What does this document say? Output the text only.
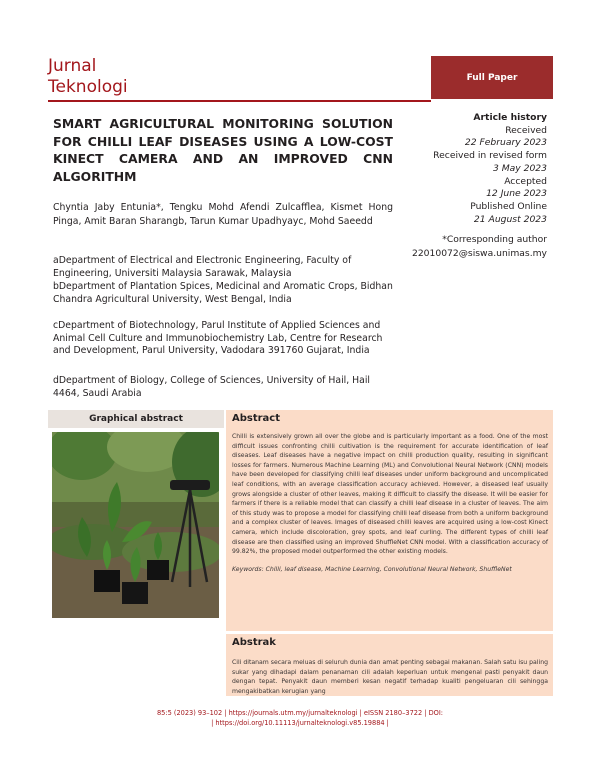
Jurnal
Teknologi	Full Paper
SMART AGRICULTURAL MONITORING SOLUTION FOR CHILLI LEAF DISEASES USING A LOW-COST KINECT CAMERA AND AN IMPROVED CNN ALGORITHM
Chyntia Jaby Entunia*, Tengku Mohd Afendi Zulcafflea, Kismet Hong Pinga, Amit Baran Sharangb, Tarun Kumar Upadhyayc, Mohd Saeedd
aDepartment of Electrical and Electronic Engineering, Faculty of Engineering, Universiti Malaysia Sarawak, Malaysia
bDepartment of Plantation Spices, Medicinal and Aromatic Crops, Bidhan Chandra Agricultural University, West Bengal, India
cDepartment of Biotechnology, Parul Institute of Applied Sciences and Animal Cell Culture and Immunobiochemistry Lab, Centre for Research and Development, Parul University, Vadodara 391760 Gujarat, India
dDepartment of Biology, College of Sciences, University of Hail, Hail 4464, Saudi Arabia
Article history
Received
22 February 2023
Received in revised form
3 May 2023
Accepted
12 June 2023
Published Online
21 August 2023
*Corresponding author
22010072@siswa.unimas.my
Graphical abstract	Abstract
Chilli is extensively grown all over the globe and is particularly important as a food. One of the most difficult issues confronting chilli cultivation is the requirement for accurate identification of leaf diseases. Leaf diseases have a negative impact on chilli production quality, resulting in significant losses for farmers. Numerous Machine Learning (ML) and Convolutional Neural Network (CNN) models have been developed for classifying chilli leaf diseases under uniform background and uncomplicated leaf conditions, with an average classification accuracy achieved. However, a diseased leaf usually grows alongside a cluster of other leaves, making it difficult to classify the disease. It will be easier for farmers if there is a reliable model that can classify a chilli leaf disease in a cluster of leaves. The aim of this study was to propose a model for classifying chilli leaf disease from both a uniform background and a complex cluster of leaves. Images of diseased chilli leaves are acquired using a low-cost Kinect camera, which include discoloration, grey spots, and leaf curling. The different types of chilli leaf disease are then classified using an improved ShuffleNet CNN model. With a classification accuracy of 99.82%, the proposed model outperformed the other existing models.
Keywords: Chilli, leaf disease, Machine Learning, Convolutional Neural Network, ShuffleNet
Abstrak
Cili ditanam secara meluas di seluruh dunia dan amat penting sebagai makanan. Salah satu isu paling sukar yang dihadapi dalam penanaman cili adalah keperluan untuk mengenal pasti penyakit daun dengan tepat. Penyakit daun memberi kesan negatif terhadap kualiti pengeluaran cili sehingga mengakibatkan kerugian yang
85:5 (2023) 93–102 | https://journals.utm.my/jurnalteknologi | eISSN 2180–3722 | DOI:
| https://doi.org/10.11113/jurnalteknologi.v85.19884 |
